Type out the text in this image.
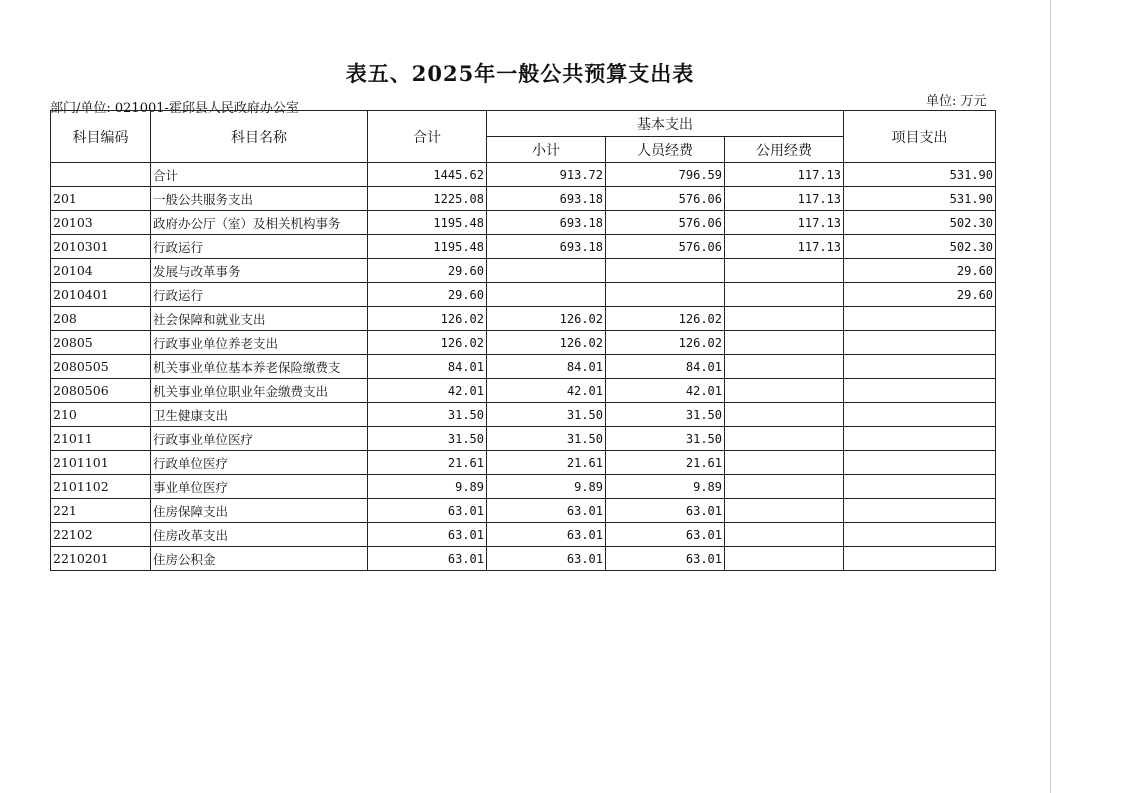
表五、2025年一般公共预算支出表
部门/单位: 021001-霍邱县人民政府办公室	单位: 万元
科目编码	科目名称	合计	基本支出			项目支出
			小计	人员经费	公用经费	
	合计	1445.62	913.72	796.59	117.13	531.90
201	一般公共服务支出	1225.08	693.18	576.06	117.13	531.90
20103	政府办公厅（室）及相关机构事务	1195.48	693.18	576.06	117.13	502.30
2010301	行政运行	1195.48	693.18	576.06	117.13	502.30
20104	发展与改革事务	29.60				29.60
2010401	行政运行	29.60				29.60
208	社会保障和就业支出	126.02	126.02	126.02		
20805	行政事业单位养老支出	126.02	126.02	126.02		
2080505	机关事业单位基本养老保险缴费支	84.01	84.01	84.01		
2080506	机关事业单位职业年金缴费支出	42.01	42.01	42.01		
210	卫生健康支出	31.50	31.50	31.50		
21011	行政事业单位医疗	31.50	31.50	31.50		
2101101	行政单位医疗	21.61	21.61	21.61		
2101102	事业单位医疗	9.89	9.89	9.89		
221	住房保障支出	63.01	63.01	63.01		
22102	住房改革支出	63.01	63.01	63.01		
2210201	住房公积金	63.01	63.01	63.01		
